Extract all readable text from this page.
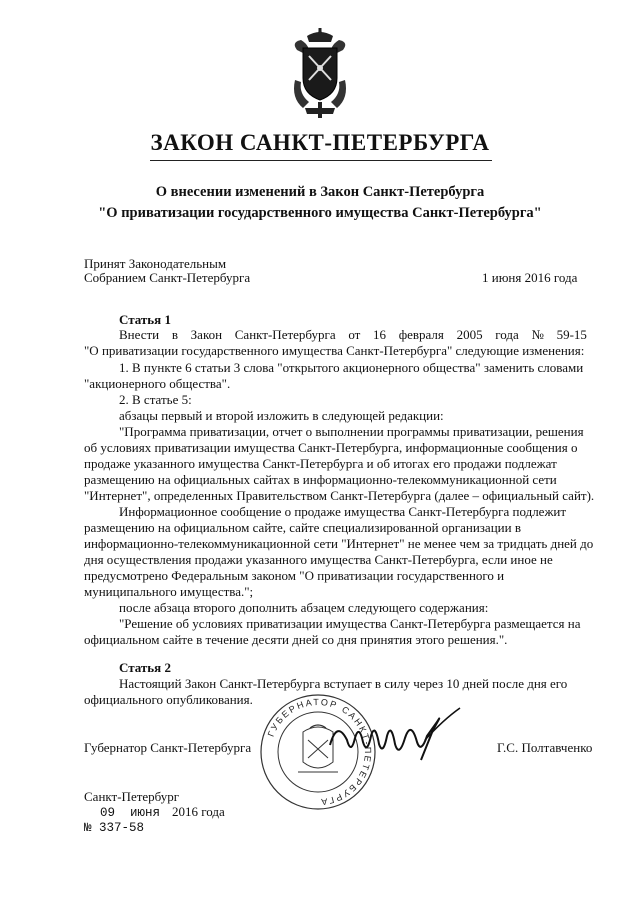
ЗАКОН САНКТ-ПЕТЕРБУРГА
О внесении изменений в Закон Санкт-Петербурга
"О приватизации государственного имущества Санкт-Петербурга"
Принят Законодательным
Собранием Санкт-Петербурга	1 июня 2016 года
Статья 1
Внести в Закон Санкт-Петербурга от 16 февраля 2005 года № 59-15
"О приватизации государственного имущества Санкт-Петербурга" следующие изменения:
1. В пункте 6 статьи 3 слова "открытого акционерного общества" заменить словами
"акционерного общества".
2. В статье 5:
абзацы первый и второй изложить в следующей редакции:
"Программа приватизации, отчет о выполнении программы приватизации, решения
об условиях приватизации имущества Санкт-Петербурга, информационные сообщения о
продаже указанного имущества Санкт-Петербурга и об итогах его продажи подлежат
размещению на официальных сайтах в информационно-телекоммуникационной сети
"Интернет", определенных Правительством Санкт-Петербурга (далее – официальный сайт).
Информационное сообщение о продаже имущества Санкт-Петербурга подлежит
размещению на официальном сайте, сайте специализированной организации в
информационно-телекоммуникационной сети "Интернет" не менее чем за тридцать дней до
дня осуществления продажи указанного имущества Санкт-Петербурга, если иное не
предусмотрено Федеральным законом "О приватизации государственного и
муниципального имущества.";
после абзаца второго дополнить абзацем следующего содержания:
"Решение об условиях приватизации имущества Санкт-Петербурга размещается на
официальном сайте в течение десяти дней со дня принятия этого решения.".
Статья 2
Настоящий Закон Санкт-Петербурга вступает в силу через 10 дней после дня его
официального опубликования.
ГУБЕРНАТОР САНКТ-ПЕТЕРБУРГА
Губернатор Санкт-Петербурга	Г.С. Полтавченко
Санкт-Петербург
09 июня 2016 года
№ 337-58
